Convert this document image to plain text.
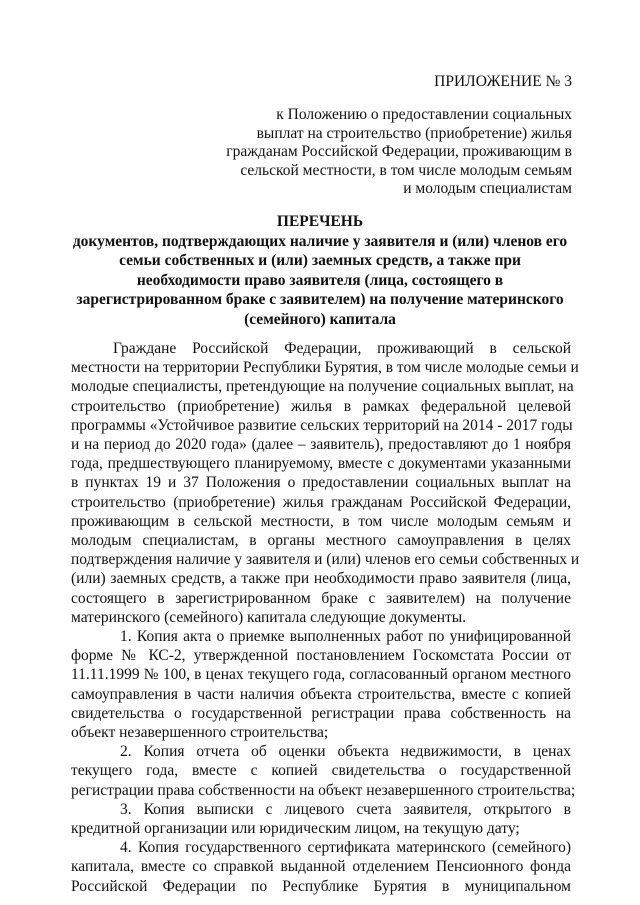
ПРИЛОЖЕНИЕ № 3
к Положению о предоставлении социальных
выплат на строительство (приобретение) жилья
гражданам Российской Федерации, проживающим в
сельской местности, в том числе молодым семьям
и молодым специалистам
ПЕРЕЧЕНЬ
документов, подтверждающих наличие у заявителя и (или) членов его
семьи собственных и (или) заемных средств, а также при
необходимости право заявителя (лица, состоящего в
зарегистрированном браке с заявителем) на получение материнского
(семейного) капитала
Граждане Российской Федерации, проживающий в сельской
местности на территории Республики Бурятия, в том числе молодые семьи и
молодые специалисты, претендующие на получение социальных выплат, на
строительство (приобретение) жилья в рамках федеральной целевой
программы «Устойчивое развитие сельских территорий на 2014 - 2017 годы
и на период до 2020 года» (далее – заявитель), предоставляют до 1 ноября
года, предшествующего планируемому, вместе с документами указанными
в пунктах 19 и 37 Положения о предоставлении социальных выплат на
строительство (приобретение) жилья гражданам Российской Федерации,
проживающим в сельской местности, в том числе молодым семьям и
молодым специалистам, в органы местного самоуправления в целях
подтверждения наличие у заявителя и (или) членов его семьи собственных и
(или) заемных средств, а также при необходимости право заявителя (лица,
состоящего в зарегистрированном браке с заявителем) на получение
материнского (семейного) капитала следующие документы.
1. Копия акта о приемке выполненных работ по унифицированной
форме № КС-2, утвержденной постановлением Госкомстата России от
11.11.1999 № 100, в ценах текущего года, согласованный органом местного
самоуправления в части наличия объекта строительства, вместе с копией
свидетельства о государственной регистрации права собственность на
объект незавершенного строительства;
2. Копия отчета об оценки объекта недвижимости, в ценах
текущего года, вместе с копией свидетельства о государственной
регистрации права собственности на объект незавершенного строительства;
3. Копия выписки с лицевого счета заявителя, открытого в
кредитной организации или юридическим лицом, на текущую дату;
4. Копия государственного сертификата материнского (семейного)
капитала, вместе со справкой выданной отделением Пенсионного фонда
Российской Федерации по Республике Бурятия в муниципальном
